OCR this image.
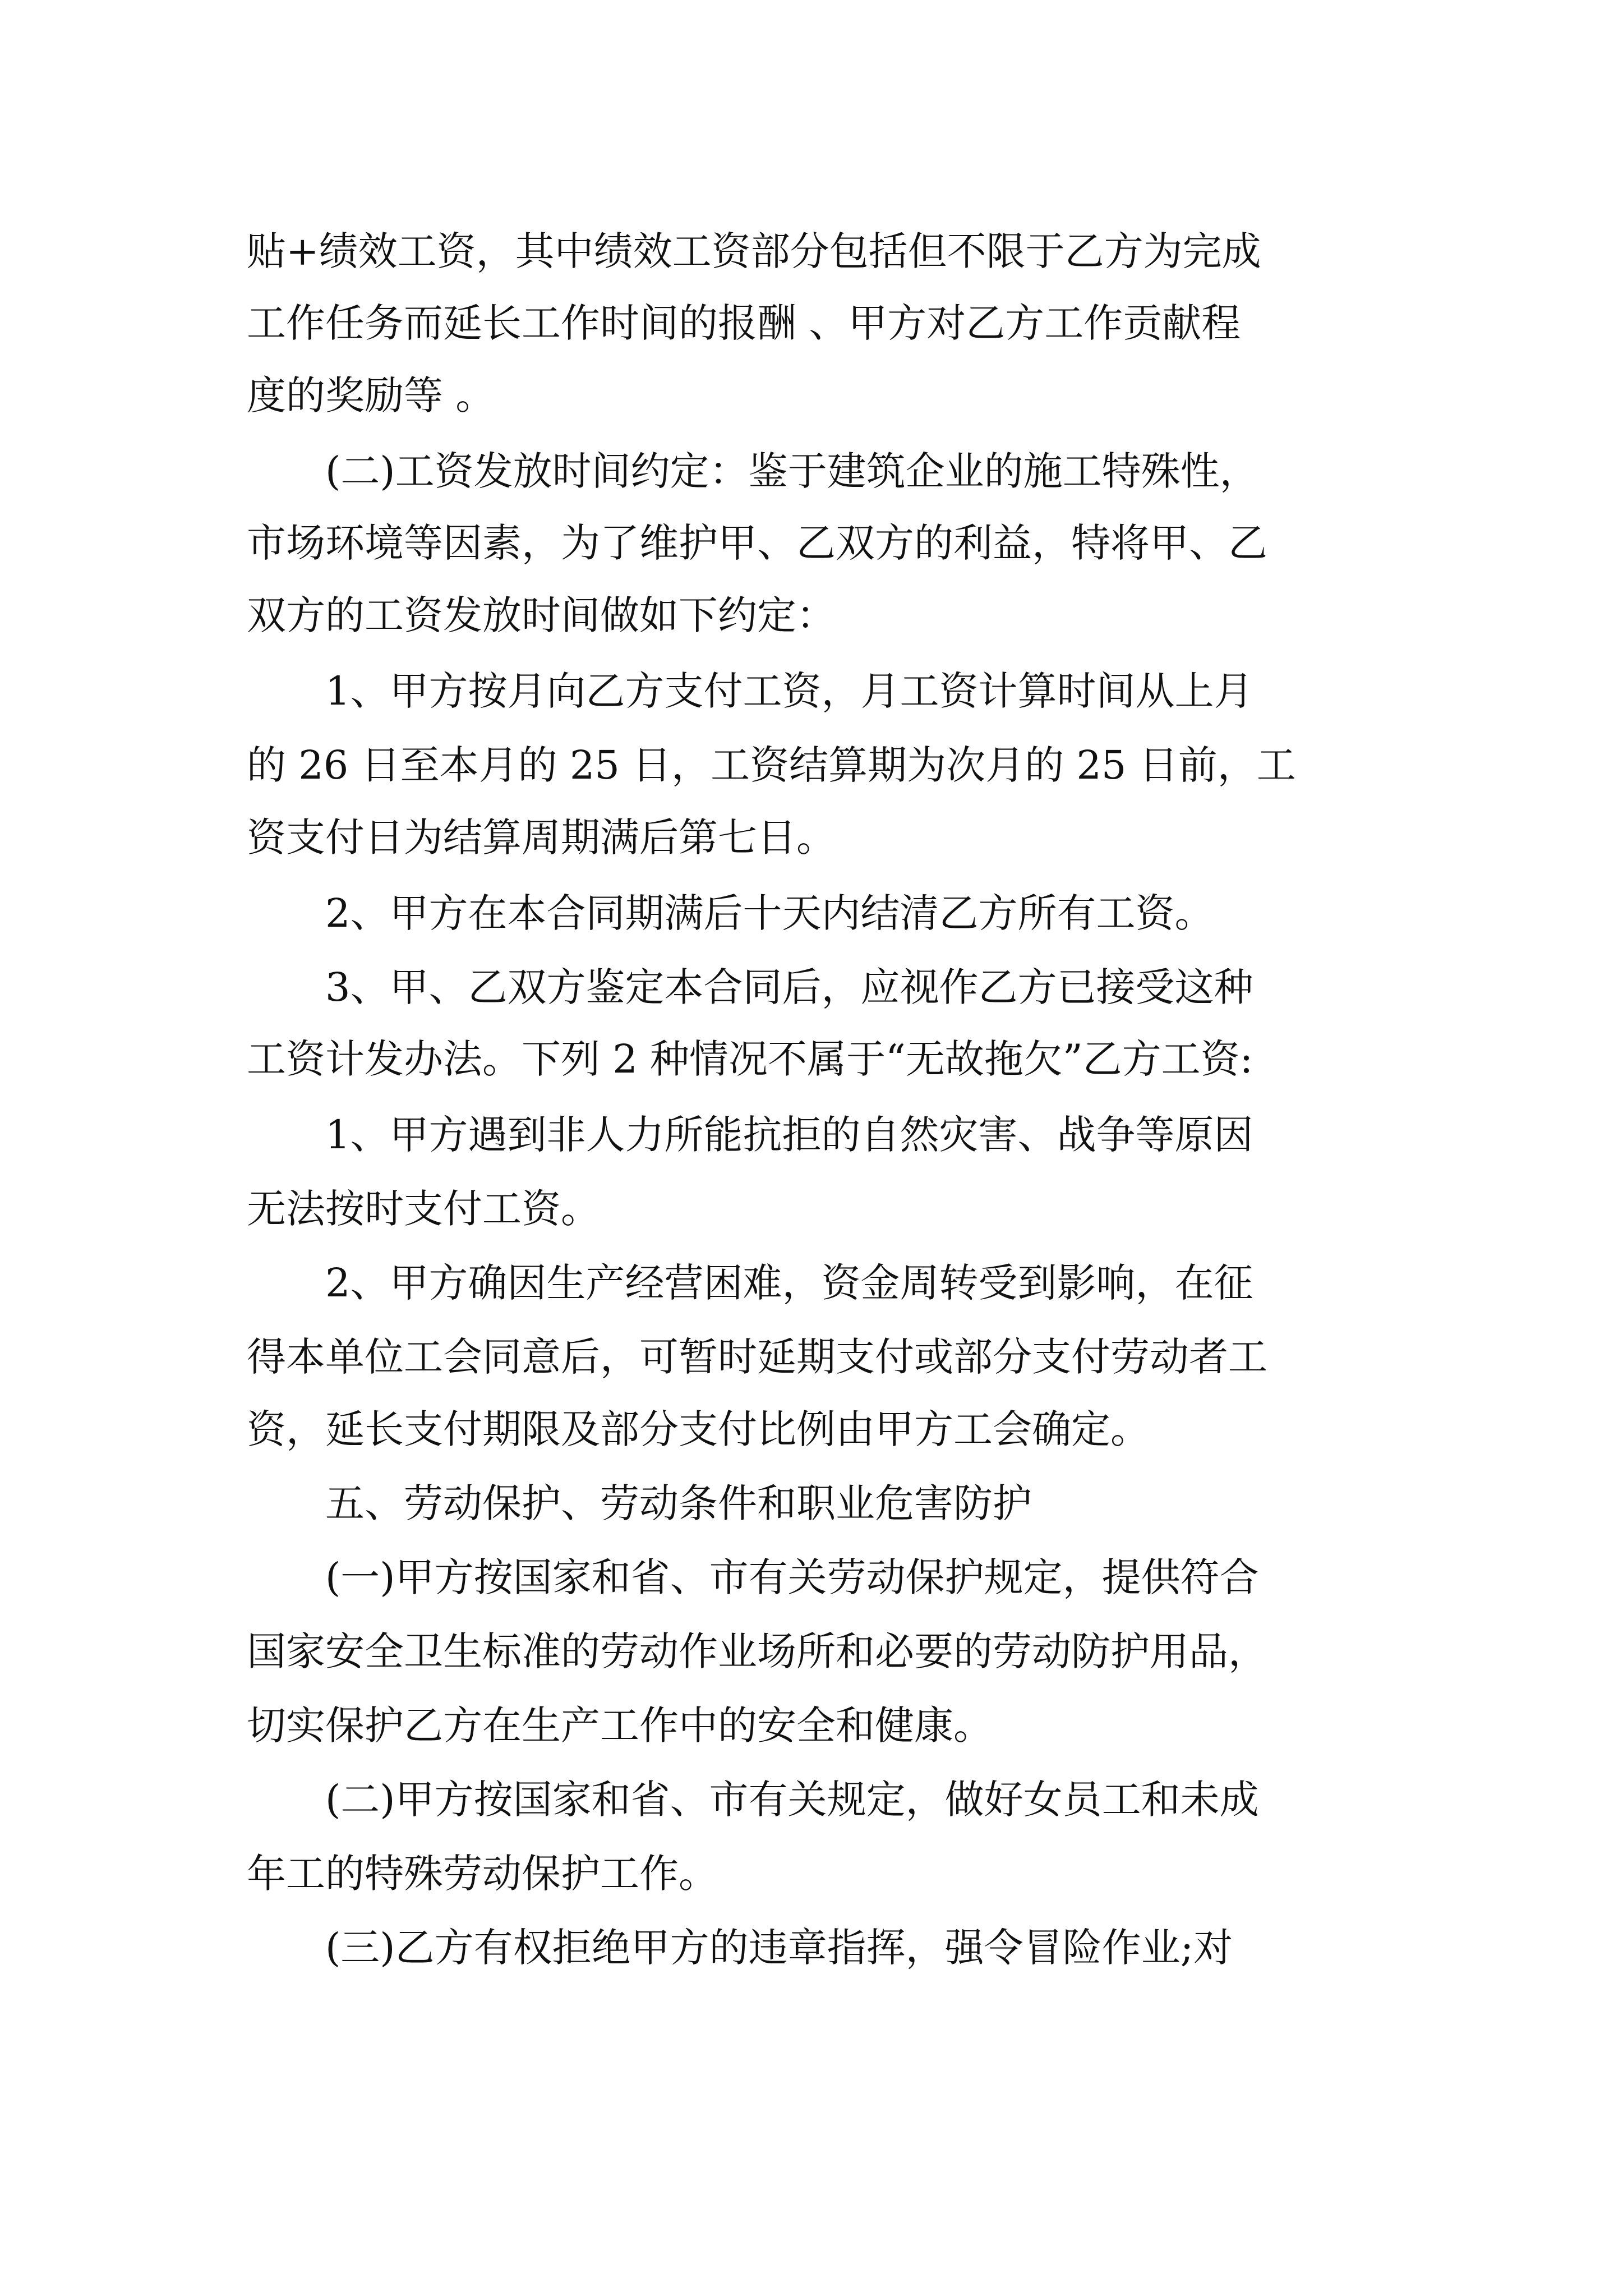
贴+绩效工资，其中绩效工资部分包括但不限于乙方为完成
工作任务而延长工作时间的报酬 、甲方对乙方工作贡献程
度的奖励等 。
(二)工资发放时间约定：鉴于建筑企业的施工特殊性，
市场环境等因素，为了维护甲、乙双方的利益，特将甲、乙
双方的工资发放时间做如下约定：
1、甲方按月向乙方支付工资，月工资计算时间从上月
的 26 日至本月的 25 日，工资结算期为次月的 25 日前，工
资支付日为结算周期满后第七日。
2、甲方在本合同期满后十天内结清乙方所有工资。
3、甲、乙双方鉴定本合同后，应视作乙方已接受这种
工资计发办法。下列 2 种情况不属于“无故拖欠”乙方工资:
1、甲方遇到非人力所能抗拒的自然灾害、战争等原因
无法按时支付工资。
2、甲方确因生产经营困难，资金周转受到影响，在征
得本单位工会同意后，可暂时延期支付或部分支付劳动者工
资，延长支付期限及部分支付比例由甲方工会确定。
五、劳动保护、劳动条件和职业危害防护
(一)甲方按国家和省、市有关劳动保护规定，提供符合
国家安全卫生标准的劳动作业场所和必要的劳动防护用品，
切实保护乙方在生产工作中的安全和健康。
(二)甲方按国家和省、市有关规定，做好女员工和未成
年工的特殊劳动保护工作。
(三)乙方有权拒绝甲方的违章指挥，强令冒险作业;对
